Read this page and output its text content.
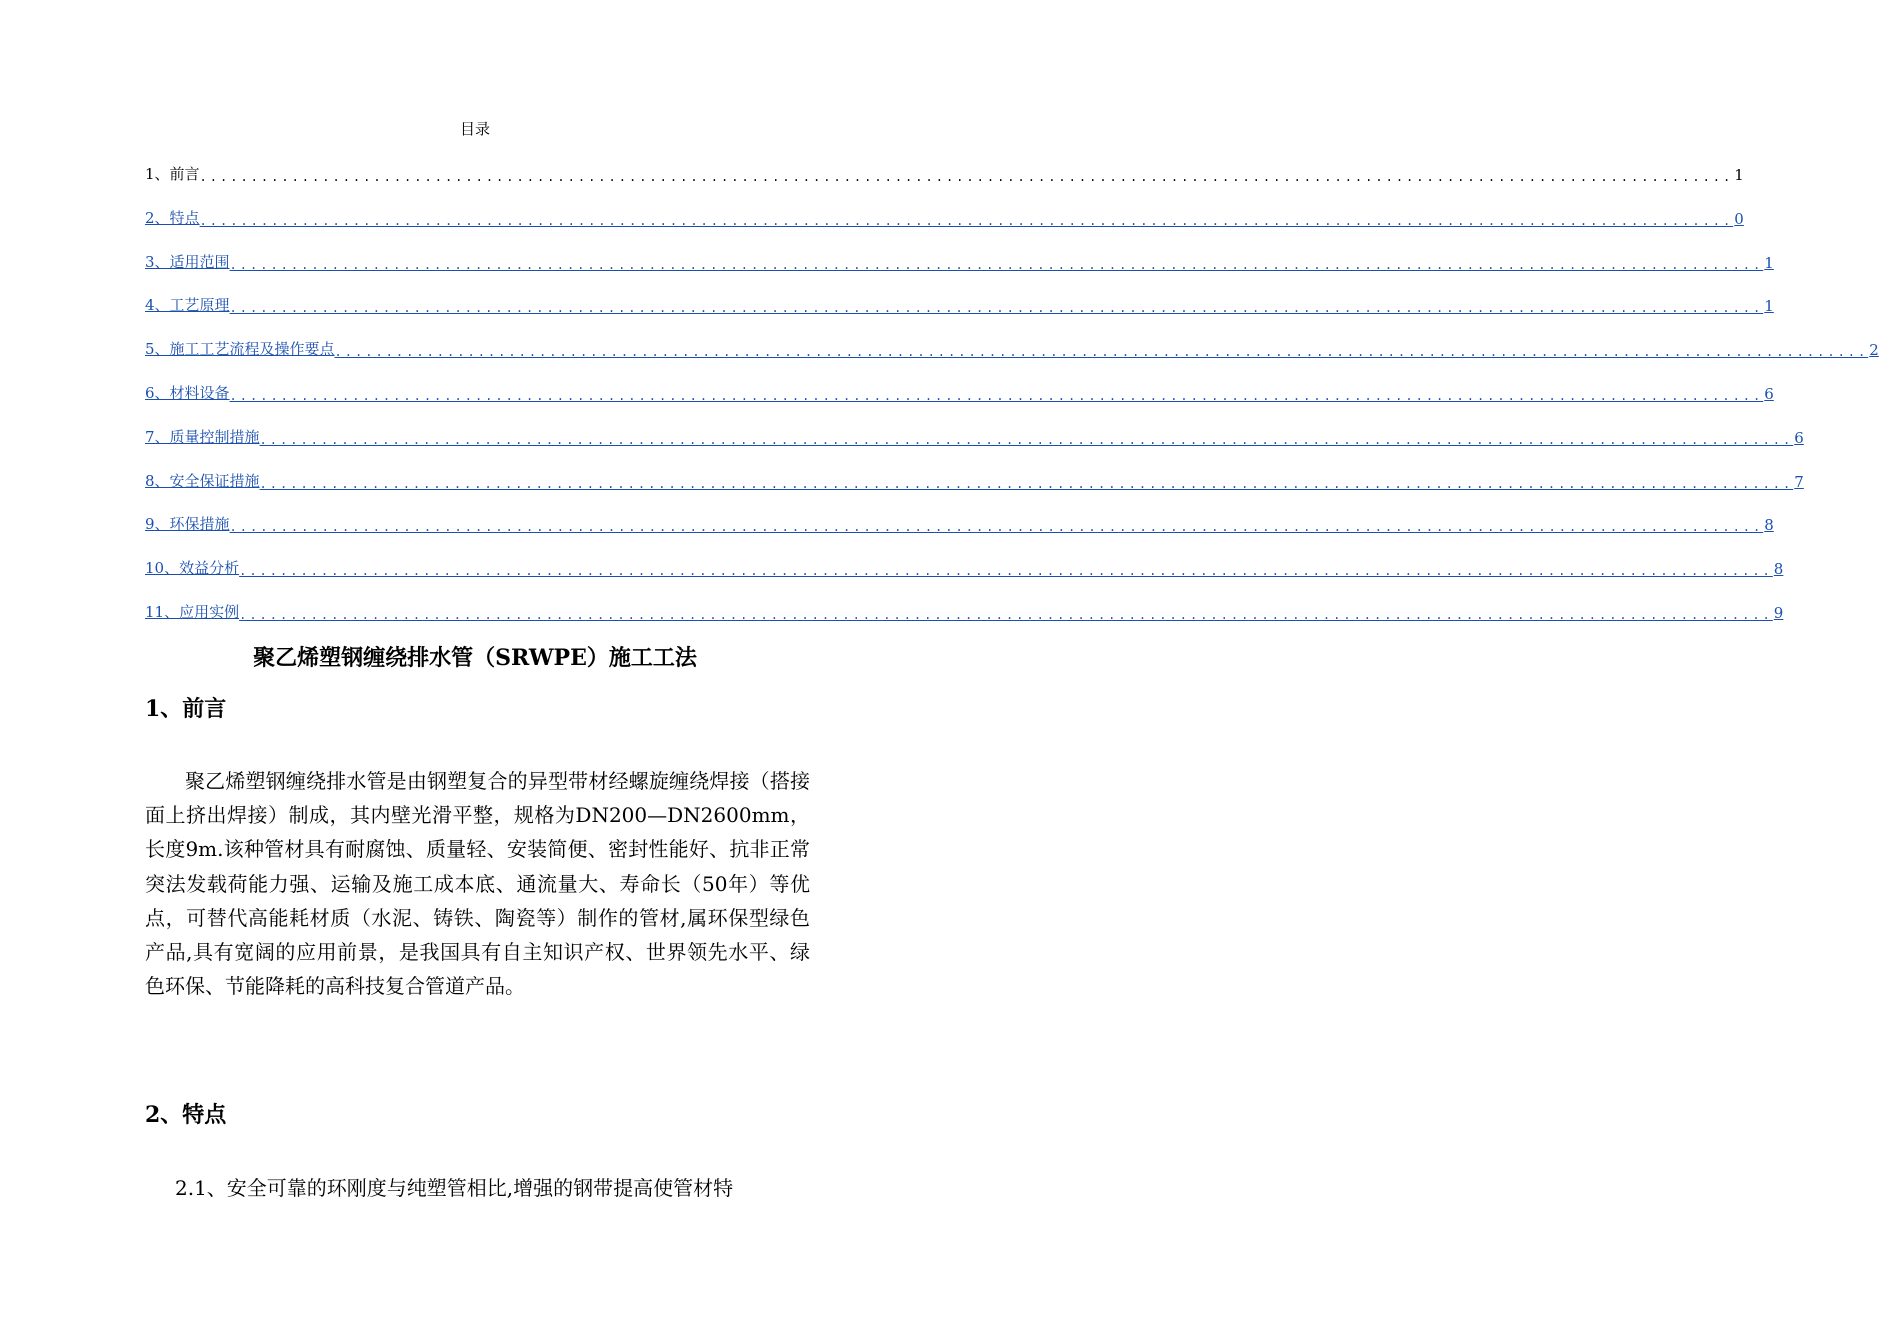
目录
1、前言 ...................................................................................................................................................... 1
2、特点 ...................................................................................................................................................... 0
3、适用范围 ...................................................................................................................................................... 1
4、工艺原理 ...................................................................................................................................................... 1
5、施工工艺流程及操作要点 ...................................................................................................................................................... 2
6、材料设备 ...................................................................................................................................................... 6
7、质量控制措施 ...................................................................................................................................................... 6
8、安全保证措施 ...................................................................................................................................................... 7
9、环保措施 ...................................................................................................................................................... 8
10、效益分析 ...................................................................................................................................................... 8
11、应用实例 ...................................................................................................................................................... 9
聚乙烯塑钢缠绕排水管（SRWPE）施工工法
1、前言
聚乙烯塑钢缠绕排水管是由钢塑复合的异型带材经螺旋缠绕焊接（搭接面上挤出焊接）制成，其内壁光滑平整，规格为DN200—DN2600mm，长度9m.该种管材具有耐腐蚀、质量轻、安装简便、密封性能好、抗非正常突法发载荷能力强、运输及施工成本底、通流量大、寿命长（50年）等优点，可替代高能耗材质（水泥、铸铁、陶瓷等）制作的管材,属环保型绿色产品,具有宽阔的应用前景，是我国具有自主知识产权、世界领先水平、绿色环保、节能降耗的高科技复合管道产品。
2、特点
2.1、安全可靠的环刚度与纯塑管相比,增强的钢带提高使管材特
